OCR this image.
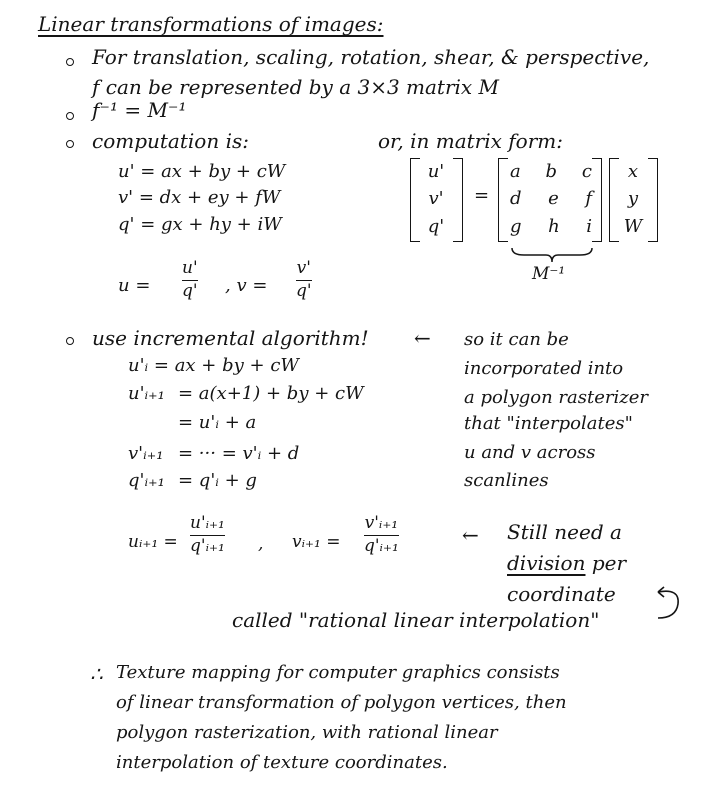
Linear transformations of images:
For translation, scaling, rotation, shear, & perspective,
f can be represented by a 3×3 matrix M
f⁻¹ = M⁻¹
computation is:
u' = ax + by + cW
v' = dx + ey + fW
q' = gx + hy + iW
u =
u'
q' , v =
v'
q'
or, in matrix form:
u'
v'
q'
=
a b c
d e f
g h i
x
y
W
M⁻¹
use incremental algorithm! ← so it can be
incorporated into
a polygon rasterizer
that "interpolates"
u and v across
scanlines
u'ᵢ = ax + by + cW
u'ᵢ₊₁ = a(x+1) + by + cW
= u'ᵢ + a
v'ᵢ₊₁ = ··· = v'ᵢ + d
q'ᵢ₊₁ = q'ᵢ + g
uᵢ₊₁ =
u'ᵢ₊₁
q'ᵢ₊₁ , vᵢ₊₁ =
v'ᵢ₊₁
q'ᵢ₊₁	← Still need a
division per
coordinate
called "rational linear interpolation"
∴ Texture mapping for computer graphics consists
of linear transformation of polygon vertices, then
polygon rasterization, with rational linear
interpolation of texture coordinates.
